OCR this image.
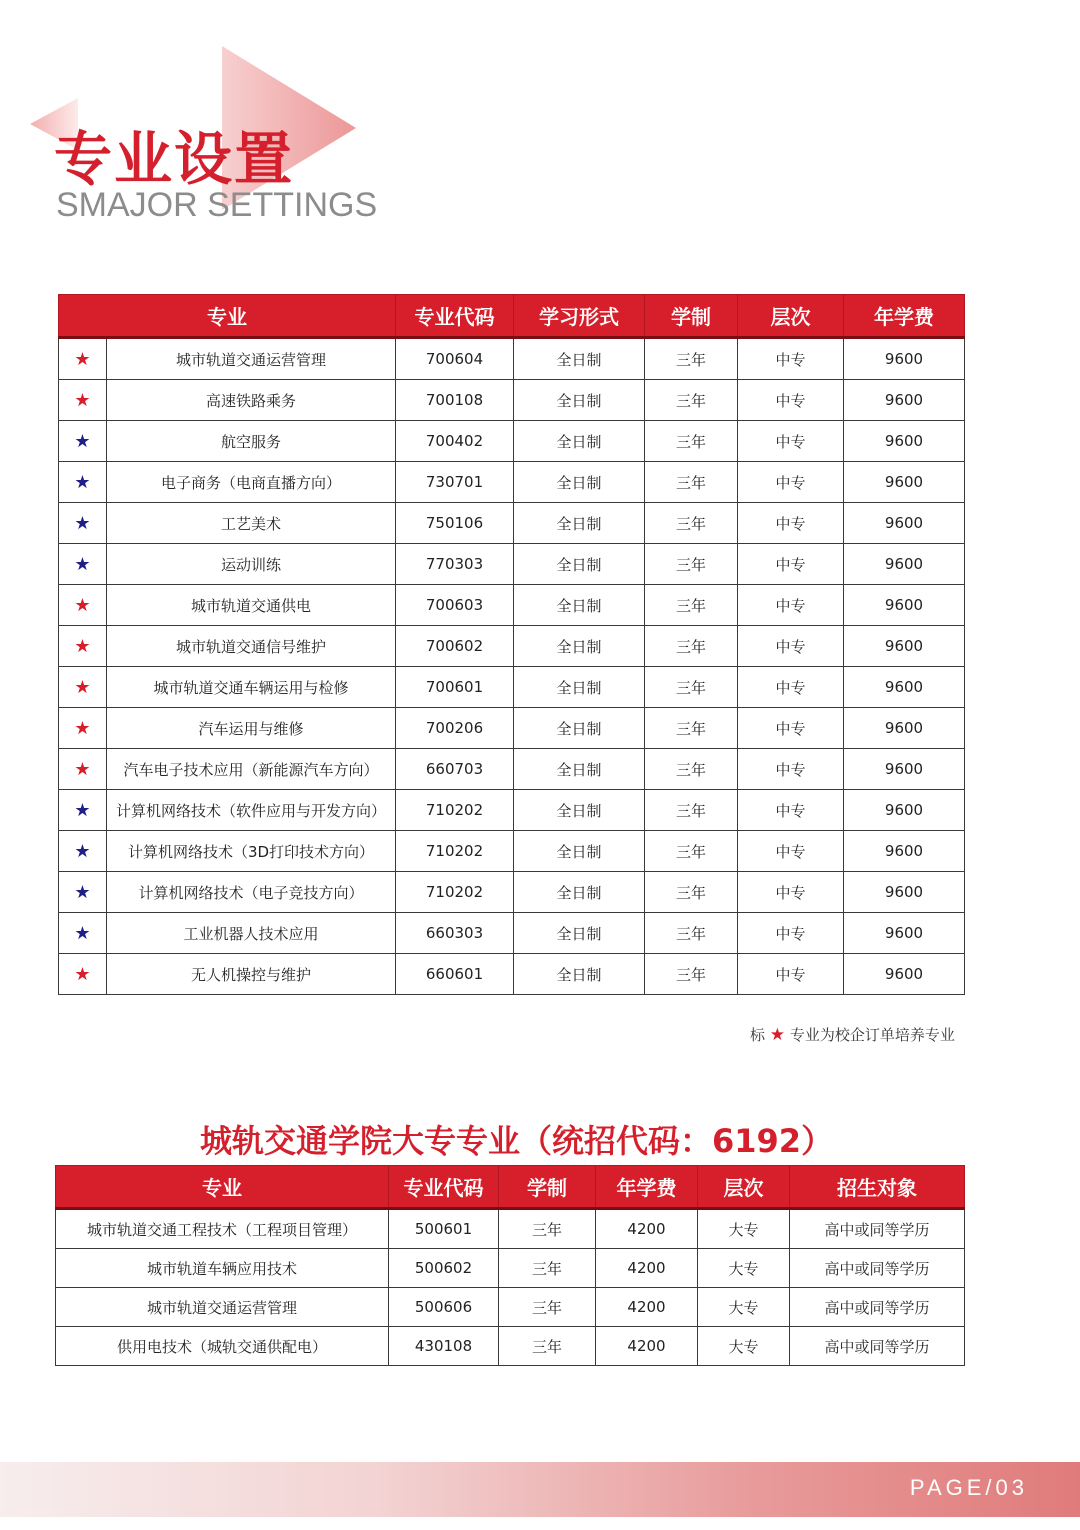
专业设置
SMAJOR SETTINGS
专业		专业代码	学习形式	学制	层次	年学费
★	城市轨道交通运营管理	700604	全日制	三年	中专	9600
★	高速铁路乘务	700108	全日制	三年	中专	9600
★	航空服务	700402	全日制	三年	中专	9600
★	电子商务（电商直播方向）	730701	全日制	三年	中专	9600
★	工艺美术	750106	全日制	三年	中专	9600
★	运动训练	770303	全日制	三年	中专	9600
★	城市轨道交通供电	700603	全日制	三年	中专	9600
★	城市轨道交通信号维护	700602	全日制	三年	中专	9600
★	城市轨道交通车辆运用与检修	700601	全日制	三年	中专	9600
★	汽车运用与维修	700206	全日制	三年	中专	9600
★	汽车电子技术应用（新能源汽车方向）	660703	全日制	三年	中专	9600
★	计算机网络技术（软件应用与开发方向）	710202	全日制	三年	中专	9600
★	计算机网络技术（3D打印技术方向）	710202	全日制	三年	中专	9600
★	计算机网络技术（电子竞技方向）	710202	全日制	三年	中专	9600
★	工业机器人技术应用	660303	全日制	三年	中专	9600
★	无人机操控与维护	660601	全日制	三年	中专	9600
标 ★ 专业为校企订单培养专业
城轨交通学院大专专业（统招代码：6192）
专业	专业代码	学制	年学费	层次	招生对象
城市轨道交通工程技术（工程项目管理）	500601	三年	4200	大专	高中或同等学历
城市轨道车辆应用技术	500602	三年	4200	大专	高中或同等学历
城市轨道交通运营管理	500606	三年	4200	大专	高中或同等学历
供用电技术（城轨交通供配电）	430108	三年	4200	大专	高中或同等学历
PAGE/03
